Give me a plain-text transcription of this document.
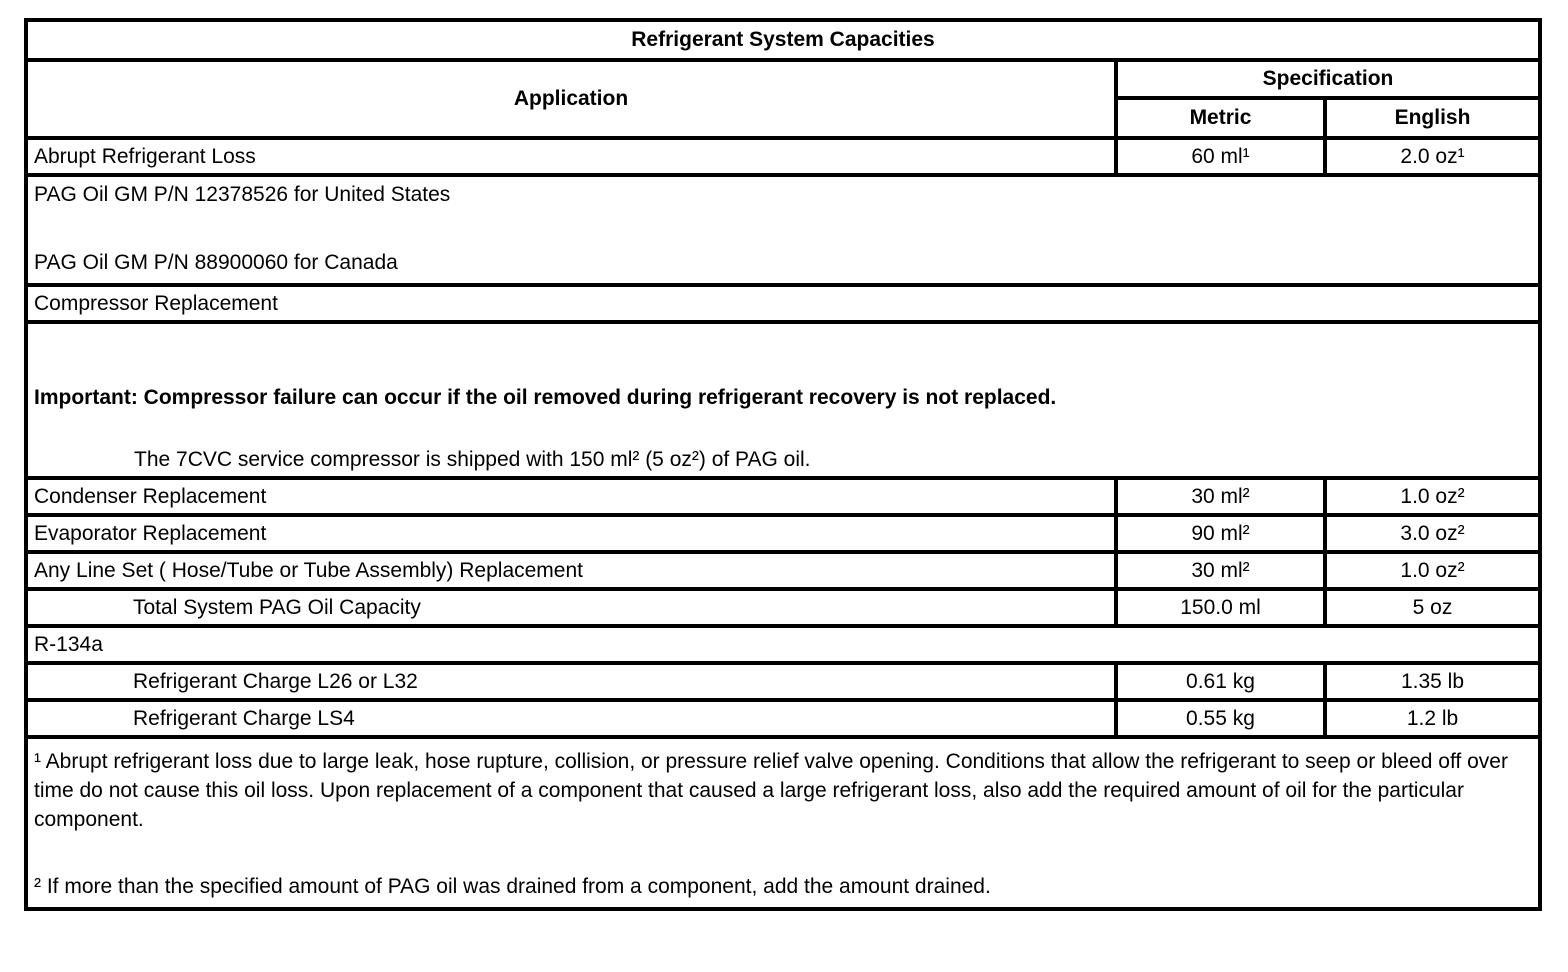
Refrigerant System Capacities		
Application	Specification	
	Metric	English
Abrupt Refrigerant Loss	60 ml¹	2.0 oz¹

PAG Oil GM P/N 12378526 for United States
PAG Oil GM P/N 88900060 for Canada		

Compressor Replacement		

Important: Compressor failure can occur if the oil removed during refrigerant recovery is not replaced.
The 7CVC service compressor is shipped with 150 ml² (5 oz²) of PAG oil.		

Condenser Replacement	30 ml²	1.0 oz²
Evaporator Replacement	90 ml²	3.0 oz²
Any Line Set ( Hose/Tube or Tube Assembly) Replacement	30 ml²	1.0 oz²
Total System PAG Oil Capacity	150.0 ml	5 oz
R-134a		
Refrigerant Charge L26 or L32	0.61 kg	1.35 lb
Refrigerant Charge LS4	0.55 kg	1.2 lb

¹ Abrupt refrigerant loss due to large leak, hose rupture, collision, or pressure relief valve opening. Conditions that allow the refrigerant to seep or bleed off over time do not cause this oil loss. Upon replacement of a component that caused a large refrigerant loss, also add the required amount of oil for the particular component.

² If more than the specified amount of PAG oil was drained from a component, add the amount drained.		
